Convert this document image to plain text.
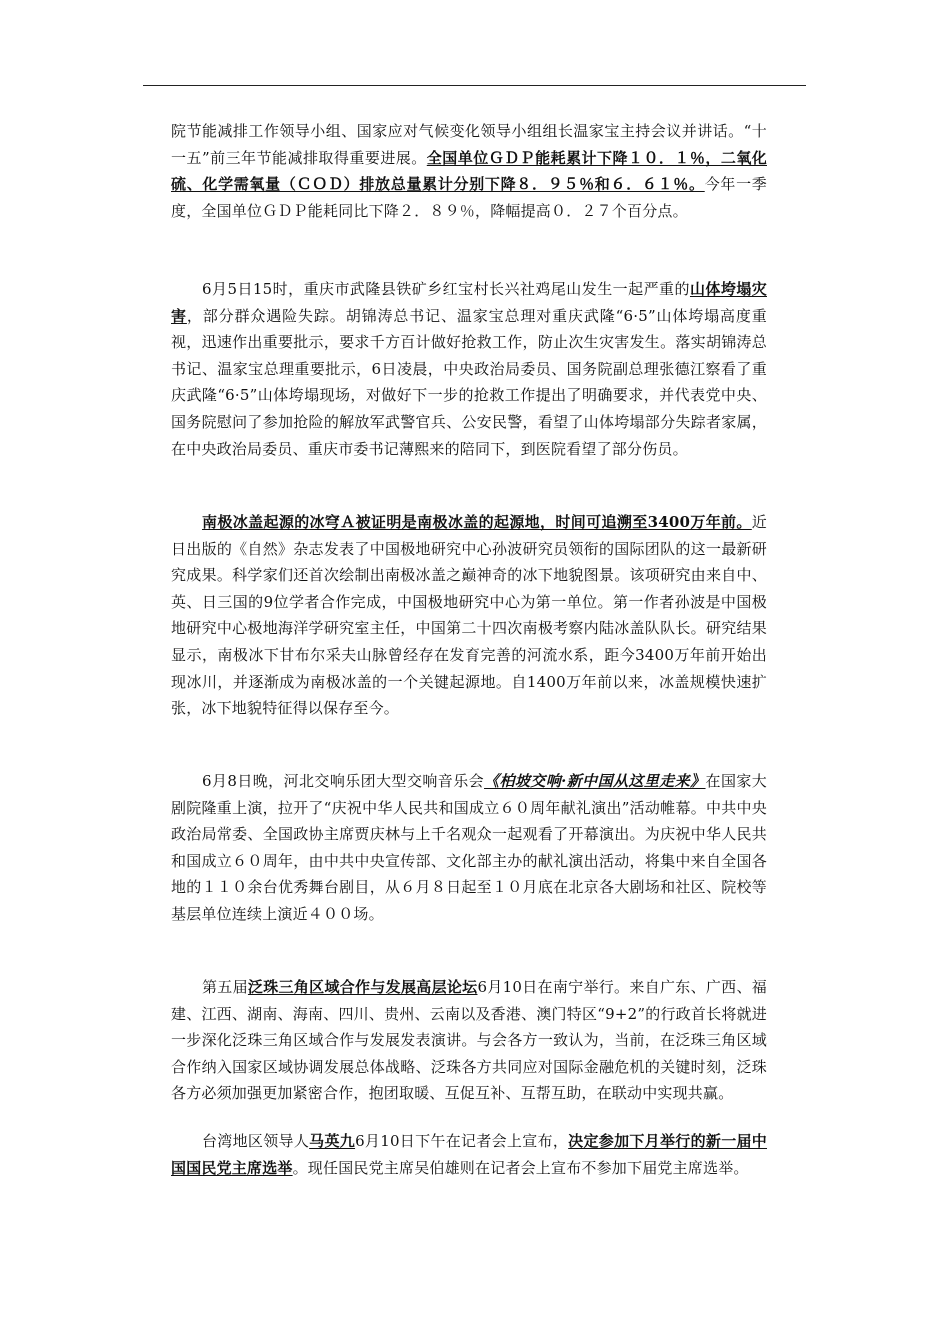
院节能减排工作领导小组、国家应对气候变化领导小组组长温家宝主持会议并讲话。“十一五”前三年节能减排取得重要进展。全国单位ＧＤＰ能耗累计下降１０．１％，二氧化硫、化学需氧量（ＣＯＤ）排放总量累计分别下降８．９５％和６．６１％。今年一季度，全国单位ＧＤＰ能耗同比下降２．８９％，降幅提高０．２７个百分点。

6月5日15时，重庆市武隆县铁矿乡红宝村长兴社鸡尾山发生一起严重的山体垮塌灾害，部分群众遇险失踪。胡锦涛总书记、温家宝总理对重庆武隆“6·5”山体垮塌高度重视，迅速作出重要批示，要求千方百计做好抢救工作，防止次生灾害发生。落实胡锦涛总书记、温家宝总理重要批示，6日凌晨，中央政治局委员、国务院副总理张德江察看了重庆武隆“6·5”山体垮塌现场，对做好下一步的抢救工作提出了明确要求，并代表党中央、国务院慰问了参加抢险的解放军武警官兵、公安民警，看望了山体垮塌部分失踪者家属，在中央政治局委员、重庆市委书记薄熙来的陪同下，到医院看望了部分伤员。

南极冰盖起源的冰穹Ａ被证明是南极冰盖的起源地，时间可追溯至3400万年前。近日出版的《自然》杂志发表了中国极地研究中心孙波研究员领衔的国际团队的这一最新研究成果。科学家们还首次绘制出南极冰盖之巅神奇的冰下地貌图景。该项研究由来自中、英、日三国的9位学者合作完成，中国极地研究中心为第一单位。第一作者孙波是中国极地研究中心极地海洋学研究室主任，中国第二十四次南极考察内陆冰盖队队长。研究结果显示，南极冰下甘布尔采夫山脉曾经存在发育完善的河流水系，距今3400万年前开始出现冰川，并逐渐成为南极冰盖的一个关键起源地。自1400万年前以来，冰盖规模快速扩张，冰下地貌特征得以保存至今。

6月8日晚，河北交响乐团大型交响音乐会《柏坡交响·新中国从这里走来》在国家大剧院隆重上演，拉开了“庆祝中华人民共和国成立６０周年献礼演出”活动帷幕。中共中央政治局常委、全国政协主席贾庆林与上千名观众一起观看了开幕演出。为庆祝中华人民共和国成立６０周年，由中共中央宣传部、文化部主办的献礼演出活动，将集中来自全国各地的１１０余台优秀舞台剧目，从６月８日起至１０月底在北京各大剧场和社区、院校等基层单位连续上演近４００场。

第五届泛珠三角区域合作与发展高层论坛6月10日在南宁举行。来自广东、广西、福建、江西、湖南、海南、四川、贵州、云南以及香港、澳门特区“9+2”的行政首长将就进一步深化泛珠三角区域合作与发展发表演讲。与会各方一致认为，当前，在泛珠三角区域合作纳入国家区域协调发展总体战略、泛珠各方共同应对国际金融危机的关键时刻，泛珠各方必须加强更加紧密合作，抱团取暖、互促互补、互帮互助，在联动中实现共赢。

台湾地区领导人马英九6月10日下午在记者会上宣布，决定参加下月举行的新一届中国国民党主席选举。现任国民党主席吴伯雄则在记者会上宣布不参加下届党主席选举。
